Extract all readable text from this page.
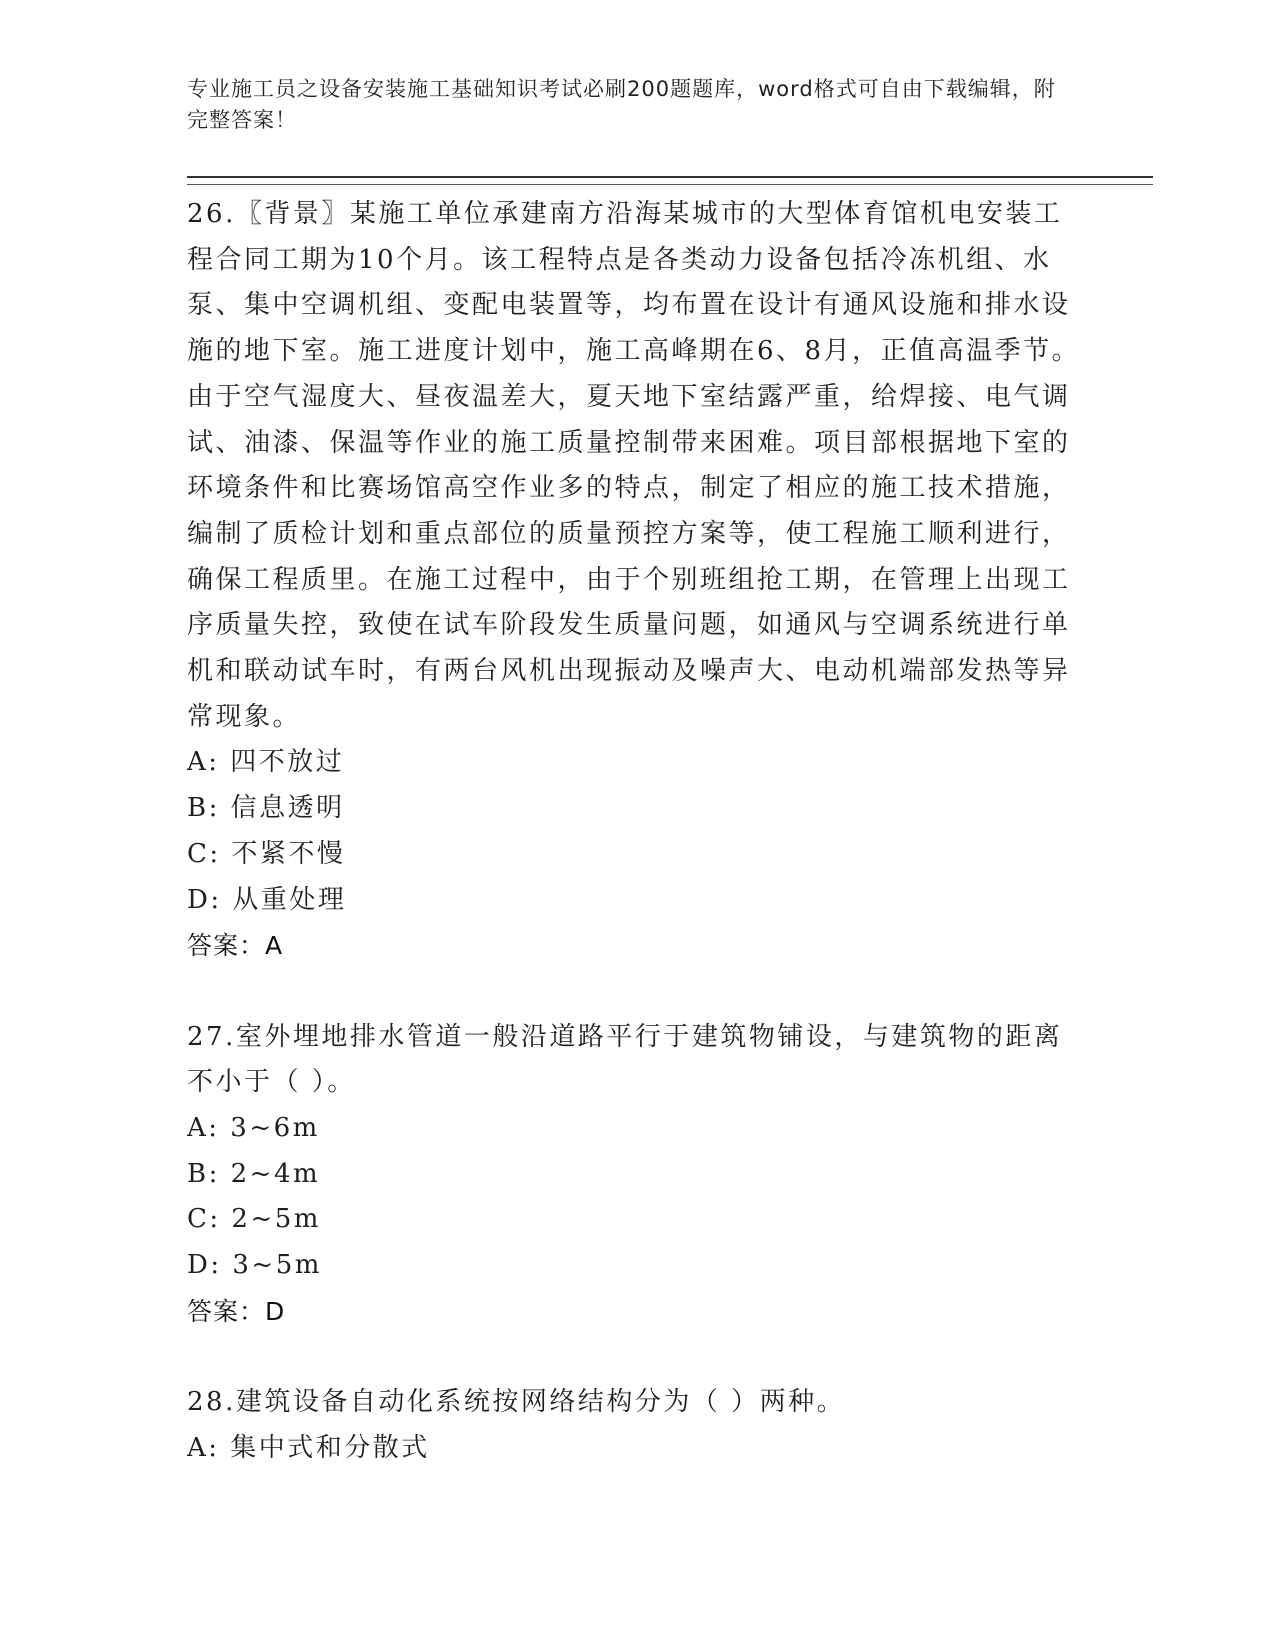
专业施工员之设备安装施工基础知识考试必刷200题题库，word格式可自由下载编辑，附完整答案！

26.〖背景〗某施工单位承建南方沿海某城市的大型体育馆机电安装工程合同工期为10个月。该工程特点是各类动力设备包括冷冻机组、水泵、集中空调机组、变配电装置等，均布置在设计有通风设施和排水设施的地下室。施工进度计划中，施工高峰期在6、8月，正值高温季节。由于空气湿度大、昼夜温差大，夏天地下室结露严重，给焊接、电气调试、油漆、保温等作业的施工质量控制带来困难。项目部根据地下室的环境条件和比赛场馆高空作业多的特点，制定了相应的施工技术措施，编制了质检计划和重点部位的质量预控方案等，使工程施工顺利进行，确保工程质里。在施工过程中，由于个别班组抢工期，在管理上出现工序质量失控，致使在试车阶段发生质量问题，如通风与空调系统进行单机和联动试车时，有两台风机出现振动及噪声大、电动机端部发热等异常现象。

A: 四不放过

B: 信息透明

C: 不紧不慢

D: 从重处理

答案：A

27.室外埋地排水管道一般沿道路平行于建筑物铺设，与建筑物的距离不小于（ ）。

A: 3~6m

B: 2~4m

C: 2~5m

D: 3~5m

答案：D

28.建筑设备自动化系统按网络结构分为（ ）两种。

A: 集中式和分散式
